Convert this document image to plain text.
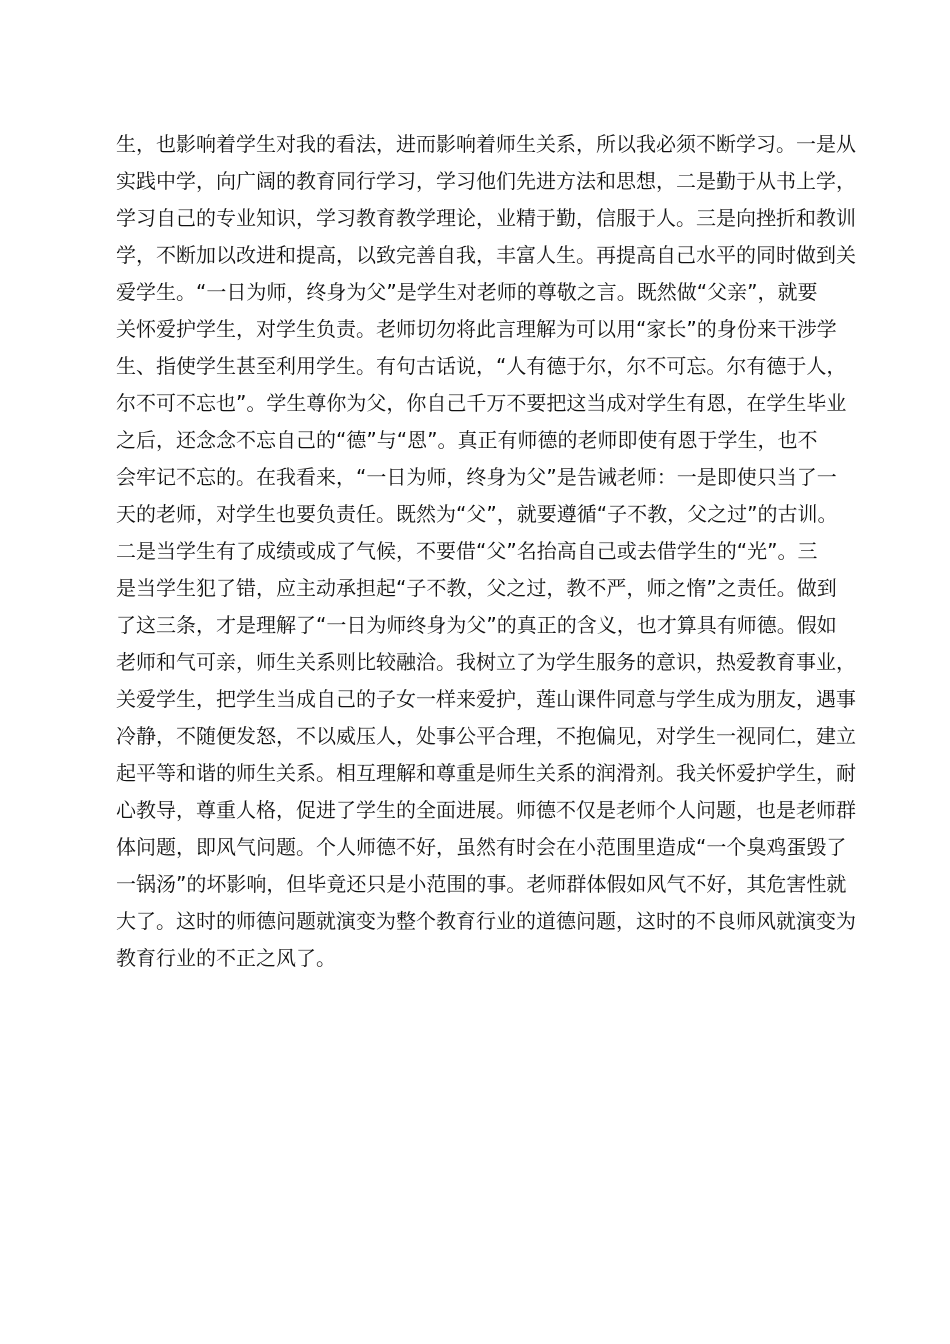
生，也影响着学生对我的看法，进而影响着师生关系，所以我必须不断学习。一是从
实践中学，向广阔的教育同行学习，学习他们先进方法和思想，二是勤于从书上学，
学习自己的专业知识，学习教育教学理论，业精于勤，信服于人。三是向挫折和教训
学，不断加以改进和提高，以致完善自我，丰富人生。再提高自己水平的同时做到关
爱学生。“一日为师，终身为父”是学生对老师的尊敬之言。既然做“父亲”，就要
关怀爱护学生，对学生负责。老师切勿将此言理解为可以用“家长”的身份来干涉学
生、指使学生甚至利用学生。有句古话说，“人有德于尔，尔不可忘。尔有德于人，
尔不可不忘也”。学生尊你为父，你自己千万不要把这当成对学生有恩，在学生毕业
之后，还念念不忘自己的“德”与“恩”。真正有师德的老师即使有恩于学生，也不
会牢记不忘的。在我看来，“一日为师，终身为父”是告诫老师：一是即使只当了一
天的老师，对学生也要负责任。既然为“父”，就要遵循“子不教，父之过”的古训。
二是当学生有了成绩或成了气候，不要借“父”名抬高自己或去借学生的“光”。三
是当学生犯了错，应主动承担起“子不教，父之过，教不严，师之惰”之责任。做到
了这三条，才是理解了“一日为师终身为父”的真正的含义，也才算具有师德。假如
老师和气可亲，师生关系则比较融洽。我树立了为学生服务的意识，热爱教育事业，
关爱学生，把学生当成自己的子女一样来爱护，莲山课件同意与学生成为朋友，遇事
冷静，不随便发怒，不以威压人，处事公平合理，不抱偏见，对学生一视同仁，建立
起平等和谐的师生关系。相互理解和尊重是师生关系的润滑剂。我关怀爱护学生，耐
心教导，尊重人格，促进了学生的全面进展。师德不仅是老师个人问题，也是老师群
体问题，即风气问题。个人师德不好，虽然有时会在小范围里造成“一个臭鸡蛋毁了
一锅汤”的坏影响，但毕竟还只是小范围的事。老师群体假如风气不好，其危害性就
大了。这时的师德问题就演变为整个教育行业的道德问题，这时的不良师风就演变为
教育行业的不正之风了。
